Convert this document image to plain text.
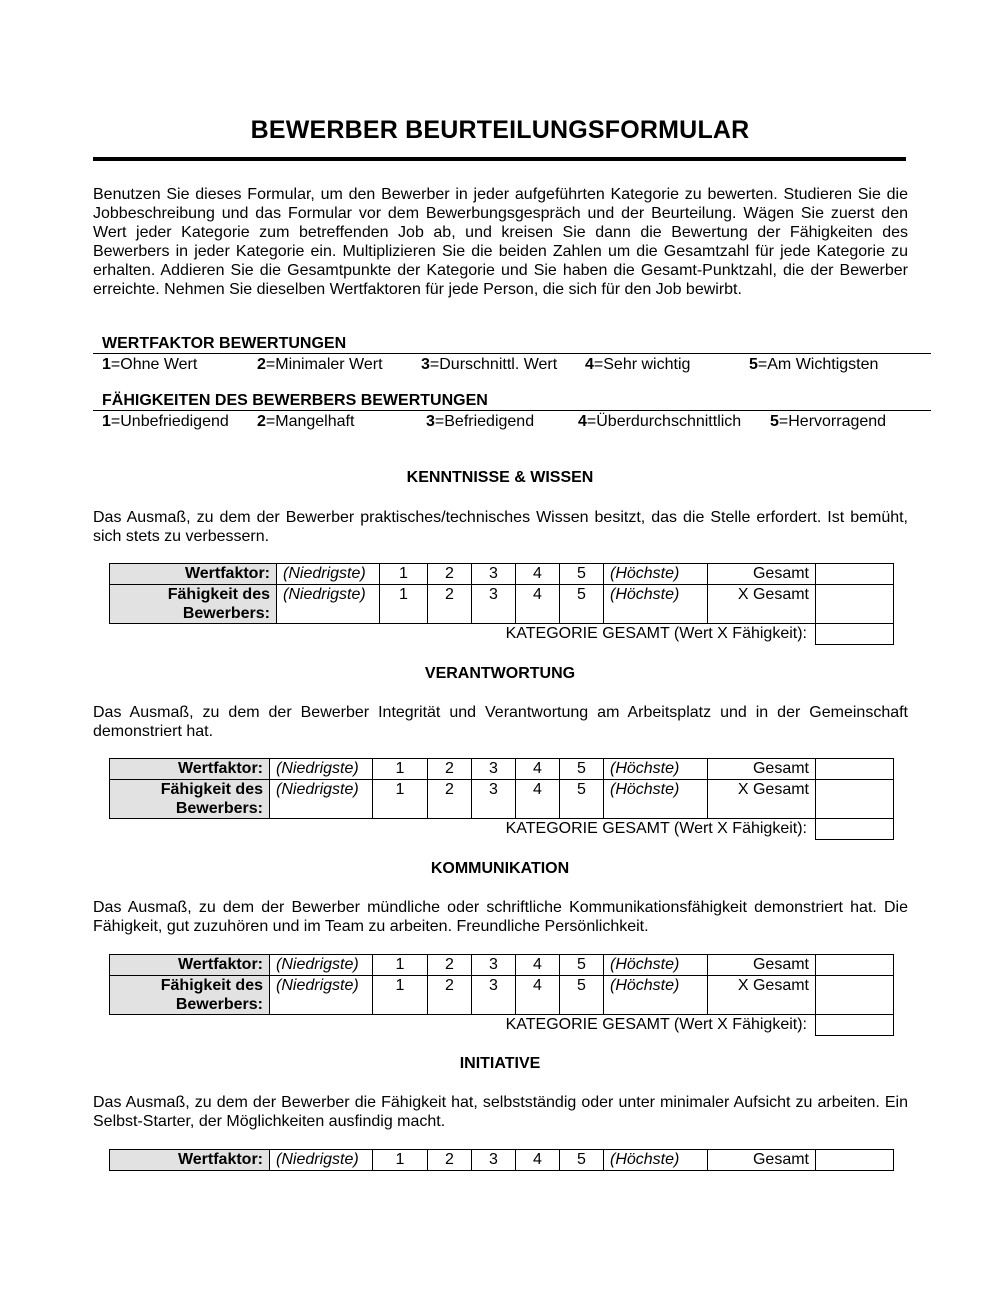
BEWERBER BEURTEILUNGSFORMULAR
Benutzen Sie dieses Formular, um den Bewerber in jeder aufgeführten Kategorie zu bewerten. Studieren Sie die Jobbeschreibung und das Formular vor dem Bewerbungsgespräch und der Beurteilung. Wägen Sie zuerst den Wert jeder Kategorie zum betreffenden Job ab, und kreisen Sie dann die Bewertung der Fähigkeiten des Bewerbers in jeder Kategorie ein. Multiplizieren Sie die beiden Zahlen um die Gesamtzahl für jede Kategorie zu erhalten. Addieren Sie die Gesamtpunkte der Kategorie und Sie haben die Gesamt-Punktzahl, die der Bewerber erreichte. Nehmen Sie dieselben Wertfaktoren für jede Person, die sich für den Job bewirbt.
WERTFAKTOR BEWERTUNGEN
1=Ohne Wert	2=Minimaler Wert 3=Durschnittl. Wert 4=Sehr wichtig	5=Am Wichtigsten
FÄHIGKEITEN DES BEWERBERS BEWERTUNGEN
1=Unbefriedigend 2=Mangelhaft	3=Befriedigend	4=Überdurchschnittlich 5=Hervorragend
KENNTNISSE & WISSEN
Das Ausmaß, zu dem der Bewerber praktisches/technisches Wissen besitzt, das die Stelle erfordert. Ist bemüht, sich stets zu verbessern.
Wertfaktor:	(Niedrigste)	1	2	3	4	5	(Höchste)	Gesamt	
Fähigkeit des Bewerbers:	(Niedrigste)	1	2	3	4	5	(Höchste)	X Gesamt	
KATEGORIE GESAMT (Wert X Fähigkeit):									
VERANTWORTUNG
Das Ausmaß, zu dem der Bewerber Integrität und Verantwortung am Arbeitsplatz und in der Gemeinschaft demonstriert hat.
Wertfaktor:	(Niedrigste)	1	2	3	4	5	(Höchste)	Gesamt	
Fähigkeit des Bewerbers:	(Niedrigste)	1	2	3	4	5	(Höchste)	X Gesamt	
KATEGORIE GESAMT (Wert X Fähigkeit):									
KOMMUNIKATION
Das Ausmaß, zu dem der Bewerber mündliche oder schriftliche Kommunikationsfähigkeit demonstriert hat. Die Fähigkeit, gut zuzuhören und im Team zu arbeiten. Freundliche Persönlichkeit.
Wertfaktor:	(Niedrigste)	1	2	3	4	5	(Höchste)	Gesamt	
Fähigkeit des Bewerbers:	(Niedrigste)	1	2	3	4	5	(Höchste)	X Gesamt	
KATEGORIE GESAMT (Wert X Fähigkeit):									
INITIATIVE
Das Ausmaß, zu dem der Bewerber die Fähigkeit hat, selbstständig oder unter minimaler Aufsicht zu arbeiten. Ein Selbst-Starter, der Möglichkeiten ausfindig macht.
Wertfaktor:	(Niedrigste)	1	2	3	4	5	(Höchste)	Gesamt	
